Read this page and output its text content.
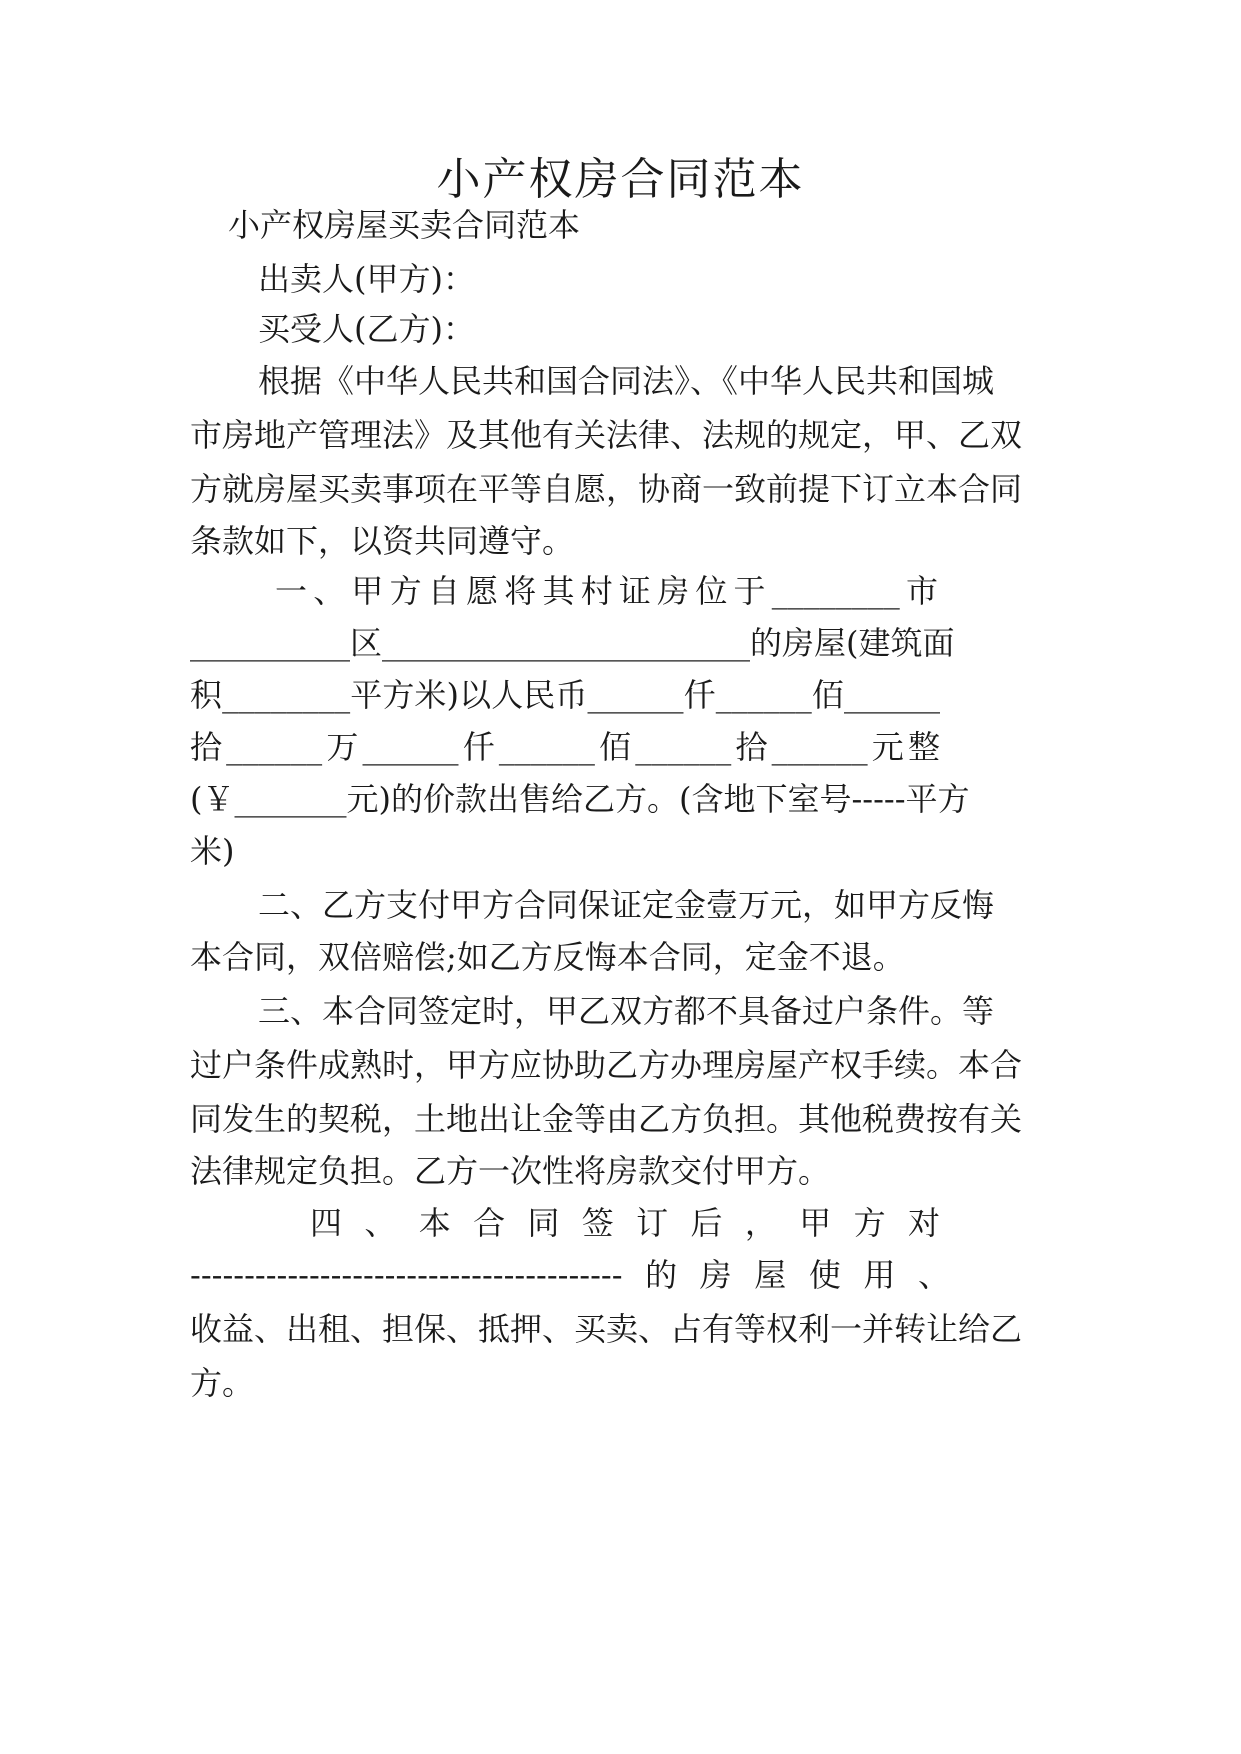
小产权房合同范本
小产权房屋买卖合同范本
出卖人(甲方)：
买受人(乙方)：
根据《中华人民共和国合同法》、《中华人民共和国城
市房地产管理法》及其他有关法律、法规的规定，甲、乙双
方就房屋买卖事项在平等自愿，协商一致前提下订立本合同
条款如下，以资共同遵守。
一、甲方自愿将其村证房位于________市
__________区_______________________的房屋(建筑面
积________平方米)以人民币______仟______佰______
拾______万______仟______佰______拾______元整
(￥_______元)的价款出售给乙方。(含地下室号-----平方
米)
二、乙方支付甲方合同保证定金壹万元，如甲方反悔
本合同，双倍赔偿;如乙方反悔本合同，定金不退。
三、本合同签定时，甲乙双方都不具备过户条件。等
过户条件成熟时，甲方应协助乙方办理房屋产权手续。本合
同发生的契税，土地出让金等由乙方负担。其他税费按有关
法律规定负担。乙方一次性将房款交付甲方。
四、本合同签订后，甲方对
----------------------------------------的房屋使用、
收益、出租、担保、抵押、买卖、占有等权利一并转让给乙
方。
